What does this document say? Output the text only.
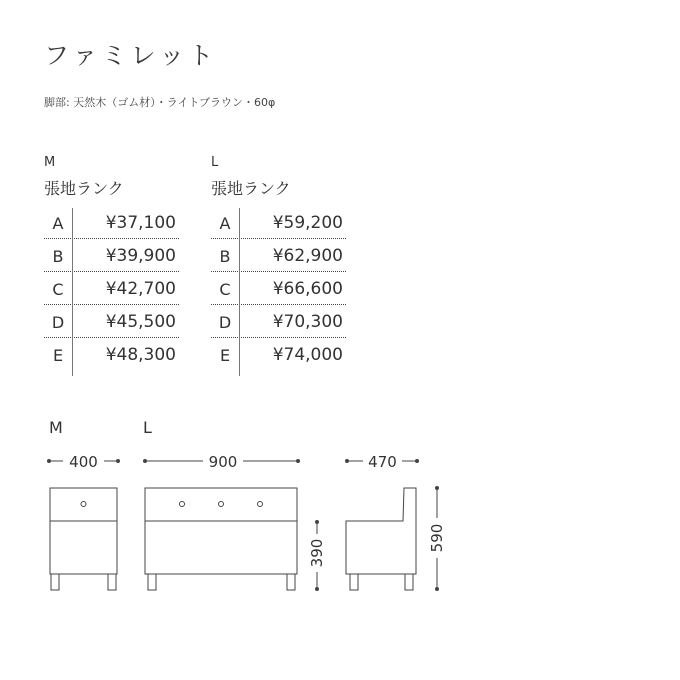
ファミレット
脚部: 天然木（ゴム材）・ライトブラウン・60φ
M
張地ランク
A	¥37,100
B	¥39,900
C	¥42,700
D	¥45,500
E	¥48,300
L
張地ランク
A	¥59,200
B	¥62,900
C	¥66,600
D	¥70,300
E	¥74,000
M	L
400	900	470
390
590
